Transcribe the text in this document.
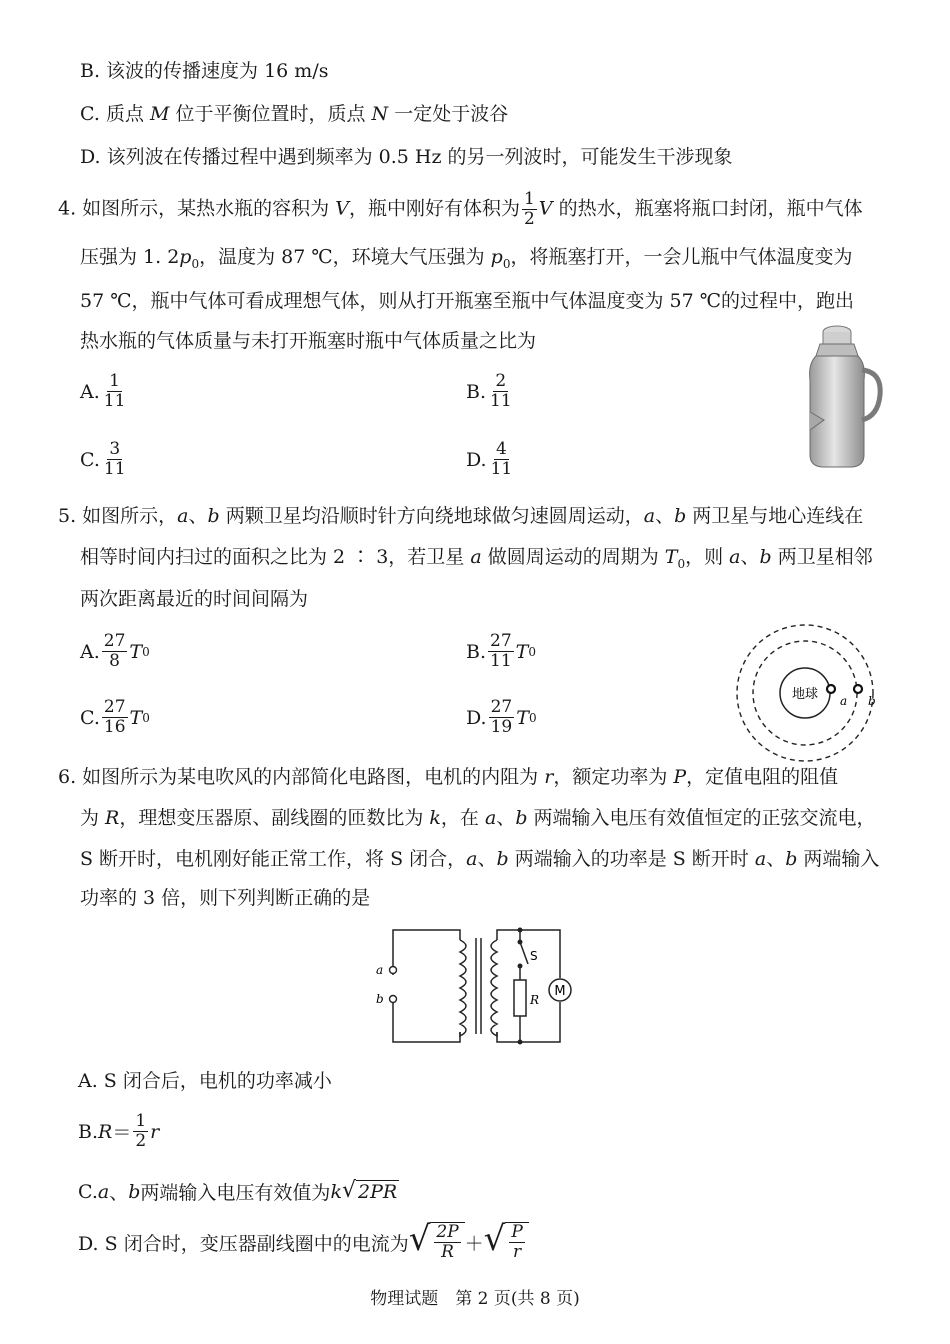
B. 该波的传播速度为 16 m/s
C. 质点 M 位于平衡位置时，质点 N 一定处于波谷
D. 该列波在传播过程中遇到频率为 0.5 Hz 的另一列波时，可能发生干涉现象
4. 如图所示，某热水瓶的容积为 V，瓶中刚好有体积为 $\frac{1}{2}$ V 的热水，瓶塞将瓶口封闭，瓶中气体
压强为 1. $2p_0$，温度为 87 ℃，环境大气压强为 $p_0$，将瓶塞打开，一会儿瓶中气体温度变为
57 ℃，瓶中气体可看成理想气体，则从打开瓶塞至瓶中气体温度变为 57 ℃的过程中，跑出
热水瓶的气体质量与未打开瓶塞时瓶中气体质量之比为
A. $\frac{1}{11}$	B. $\frac{2}{11}$
C. $\frac{3}{11}$	D. $\frac{4}{11}$
5. 如图所示，a、b 两颗卫星均沿顺时针方向绕地球做匀速圆周运动，a、b 两卫星与地心连线在
相等时间内扫过的面积之比为 2 ∶ 3，若卫星 a 做圆周运动的周期为 $T_0$，则 a、b 两卫星相邻
两次距离最近的时间间隔为
A. $\frac{27}{8}$ T 0	B. $\frac{27}{11}$ T 0
C. $\frac{27}{16}$ T 0	D. $\frac{27}{19}$ T 0
地球 a b
6. 如图所示为某电吹风的内部简化电路图，电机的内阻为 r，额定功率为 P，定值电阻的阻值
为 R，理想变压器原、副线圈的匝数比为 k，在 a、b 两端输入电压有效值恒定的正弦交流电，
S 断开时，电机刚好能正常工作，将 S 闭合，a、b 两端输入的功率是 S 断开时 a、b 两端输入
功率的 3 倍，则下列判断正确的是
M
a
b
S
R
A. S 闭合后，电机的功率减小
B. $R = \frac{1}{2}$ r
C. a 、 b 两端输入电压有效值为 k √ 2PR
D. S 闭合时，变压器副线圈中的电流为 √ $\frac{2P}{R}$ ＋ √ $\frac{P}{r}$
物理试题　第 2 页(共 8 页)
